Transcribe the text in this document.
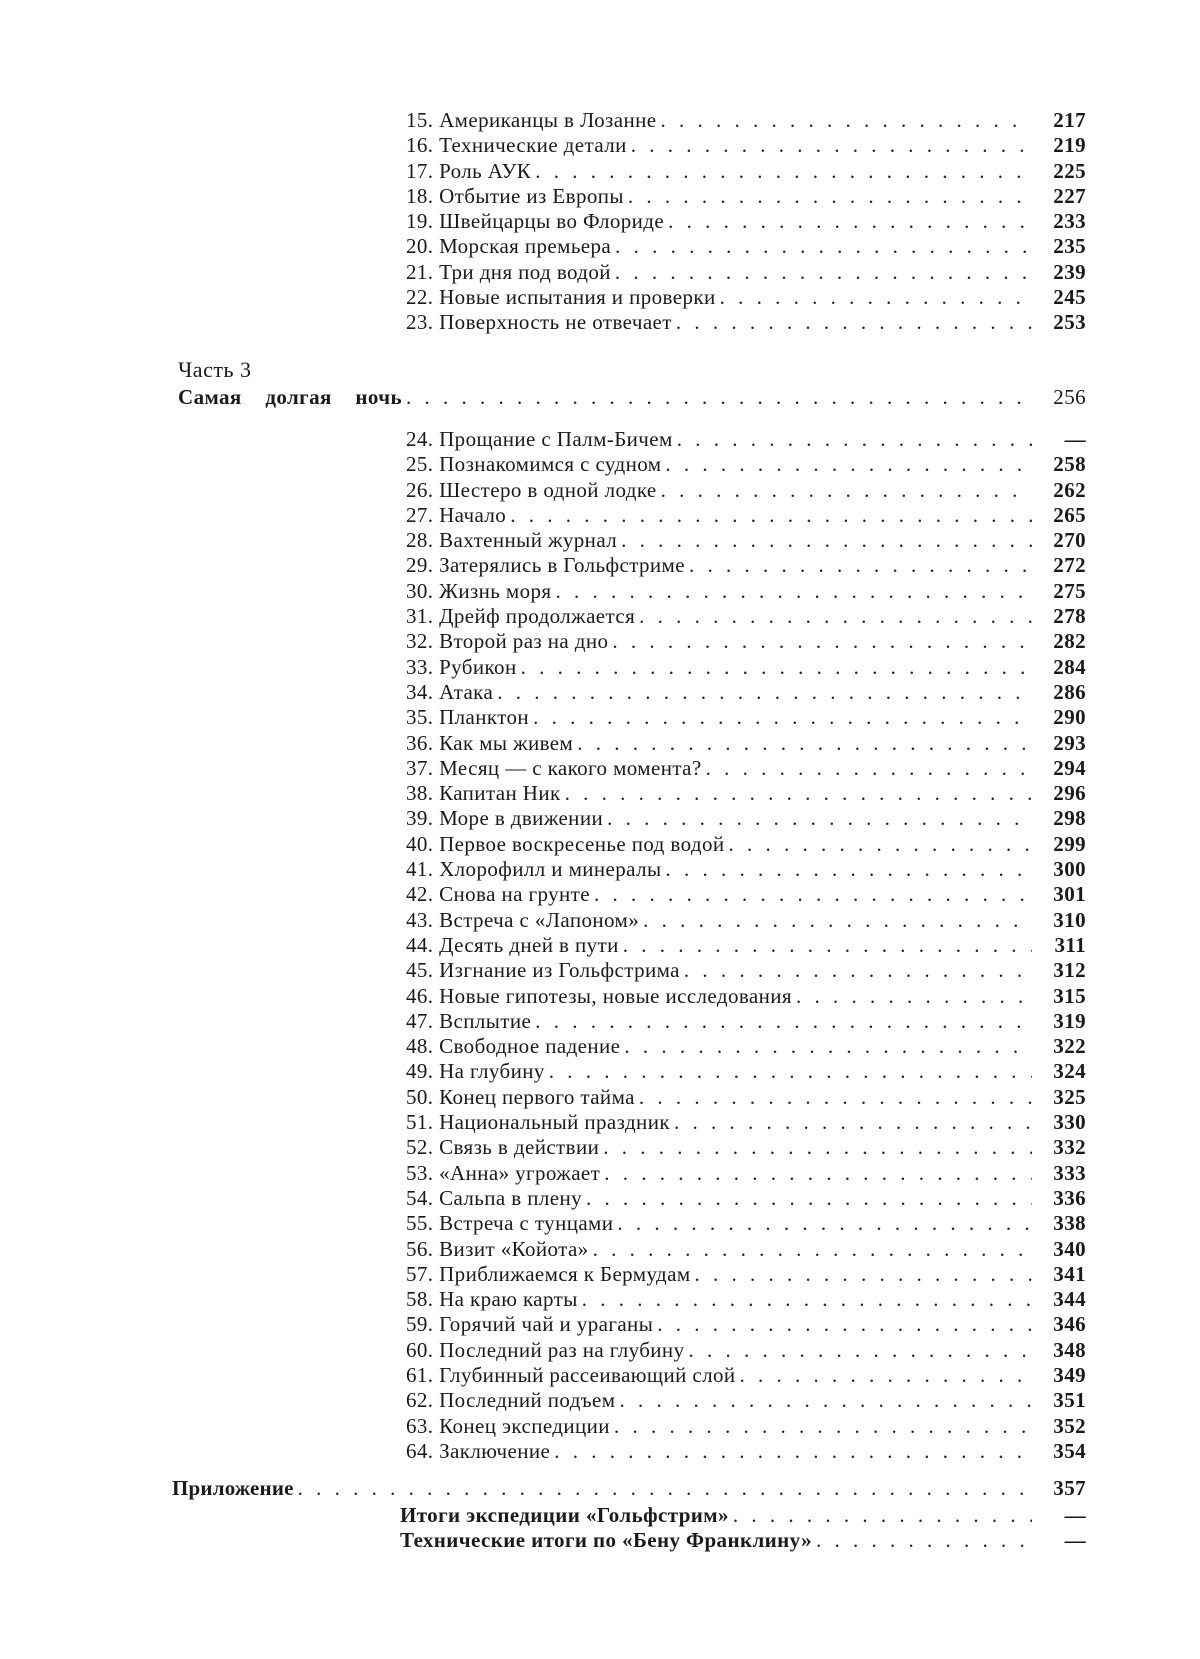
15. Американцы в Лозанне . . .	217
16. Технические детали . . .	219
17. Роль АУК . . .	225
18. Отбытие из Европы . . .	227
19. Швейцарцы во Флориде . . .	233
20. Морская премьера . . .	235
21. Три дня под водой . . .	239
22. Новые испытания и проверки . . .	245
23. Поверхность не отвечает . . .	253
Часть 3
Самая долгая ночь . . .	256
24. Прощание с Палм-Бичем . . .	—
25. Познакомимся с судном . . .	258
26. Шестеро в одной лодке . . .	262
27. Начало . . .	265
28. Вахтенный журнал . . .	270
29. Затерялись в Гольфстриме . . .	272
30. Жизнь моря . . .	275
31. Дрейф продолжается . . .	278
32. Второй раз на дно . . .	282
33. Рубикон . . .	284
34. Атака . . .	286
35. Планктон . . .	290
36. Как мы живем . . .	293
37. Месяц — с какого момента? . . .	294
38. Капитан Ник . . .	296
39. Море в движении . . .	298
40. Первое воскресенье под водой . . .	299
41. Хлорофилл и минералы . . .	300
42. Снова на грунте . . .	301
43. Встреча с «Лапоном» . . .	310
44. Десять дней в пути . . .	311
45. Изгнание из Гольфстрима . . .	312
46. Новые гипотезы, новые исследования . . .	315
47. Всплытие . . .	319
48. Свободное падение . . .	322
49. На глубину . . .	324
50. Конец первого тайма . . .	325
51. Национальный праздник . . .	330
52. Связь в действии . . .	332
53. «Анна» угрожает . . .	333
54. Сальпа в плену . . .	336
55. Встреча с тунцами . . .	338
56. Визит «Койота» . . .	340
57. Приближаемся к Бермудам . . .	341
58. На краю карты . . .	344
59. Горячий чай и ураганы . . .	346
60. Последний раз на глубину . . .	348
61. Глубинный рассеивающий слой . . .	349
62. Последний подъем . . .	351
63. Конец экспедиции . . .	352
64. Заключение . . .	354
Приложение . . .	357
Итоги экспедиции «Гольфстрим» . . .	—
Технические итоги по «Бену Франклину» . . .	—
